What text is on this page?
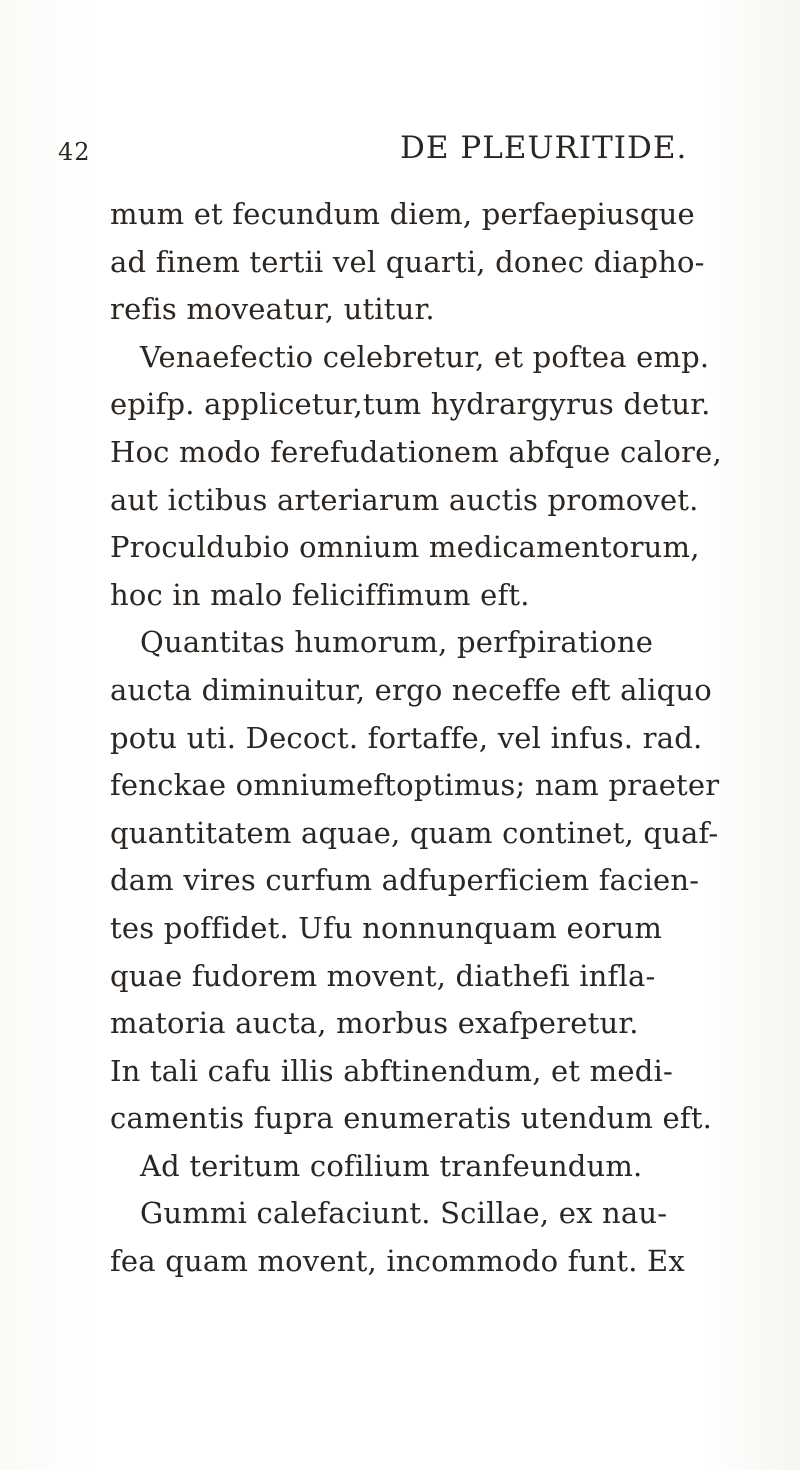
42	DE PLEURITIDE.
mum et fecundum diem, perfaepiusque
ad finem tertii vel quarti, donec diapho-
refis moveatur, utitur.
Venaefectio celebretur, et poftea emp.
epifp. applicetur,tum hydrargyrus detur.
Hoc modo ferefudationem abfque calore,
aut ictibus arteriarum auctis promovet.
Proculdubio omnium medicamentorum,
hoc in malo feliciffimum eft.
Quantitas humorum, perfpiratione
aucta diminuitur, ergo neceffe eft aliquo
potu uti. Decoct. fortaffe, vel infus. rad.
fenckae omniumeftoptimus; nam praeter
quantitatem aquae, quam continet, quaf-
dam vires curfum adfuperficiem facien-
tes poffidet. Ufu nonnunquam eorum
quae fudorem movent, diathefi infla-
matoria aucta, morbus exafperetur.
In tali cafu illis abftinendum, et medi-
camentis fupra enumeratis utendum eft.
Ad teritum cofilium tranfeundum.
Gummi calefaciunt. Scillae, ex nau-
fea quam movent, incommodo funt. Ex
